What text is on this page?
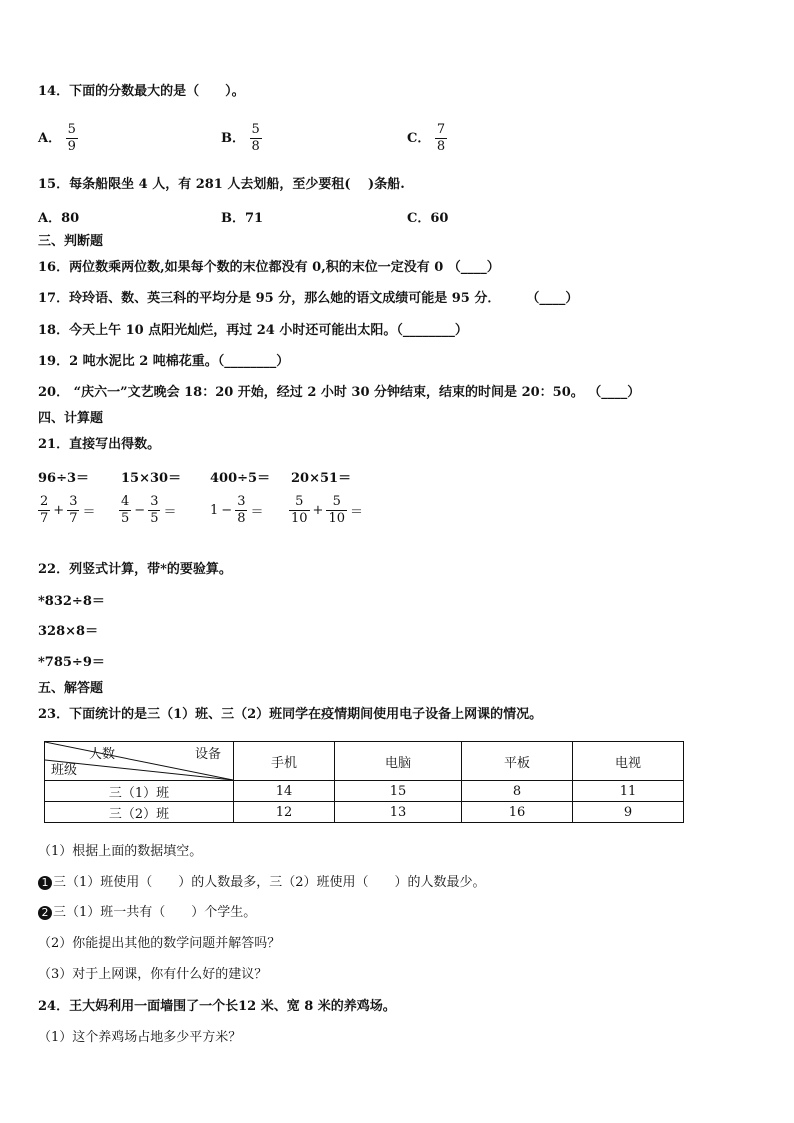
14．下面的分数最大的是（　　）。
A． $\frac{5}{9}$	B． $\frac{5}{8}$	C． $\frac{7}{8}$
15．每条船限坐 4 人，有 281 人去划船，至少要租(　 )条船.
A．80	B．71	C．60
三、判断题
16．两位数乘两位数,如果每个数的末位都没有 0,积的末位一定没有 0 （____）
17．玲玲语、数、英三科的平均分是 95 分，那么她的语文成绩可能是 95 分．　　　（____）
18．今天上午 10 点阳光灿烂，再过 24 小时还可能出太阳。（________）
19．2 吨水泥比 2 吨棉花重。（________）
20． “庆六一”文艺晚会 18：20 开始，经过 2 小时 30 分钟结束，结束的时间是 20：50。 （____）
四、计算题
21．直接写出得数。
96÷3＝ 15×30＝ 400÷5＝ 20×51＝
$\frac{2}{7} + \frac{3}{7} = \frac{4}{5} - \frac{3}{5}$ ＝	$1 - \frac{3}{8} = \frac{5}{10} + \frac{5}{10}$ ＝
22．列竖式计算，带*的要验算。
*832÷8＝
328×8＝
*785÷9＝
五、解答题
23．下面统计的是三（1）班、三（2）班同学在疫情期间使用电子设备上网课的情况。
人数 设备
班级	手机	电脑	平板	电视
三（1）班	14	15	8	11
三（2）班	12	13	16	9
（1）根据上面的数据填空。
1 三（1）班使用（　　）的人数最多，三（2）班使用（　　）的人数最少。
2 三（1）班一共有（　　）个学生。
（2）你能提出其他的数学问题并解答吗？
（3）对于上网课，你有什么好的建议？
24．王大妈利用一面墙围了一个长12 米、宽 8 米的养鸡场。
（1）这个养鸡场占地多少平方米？
